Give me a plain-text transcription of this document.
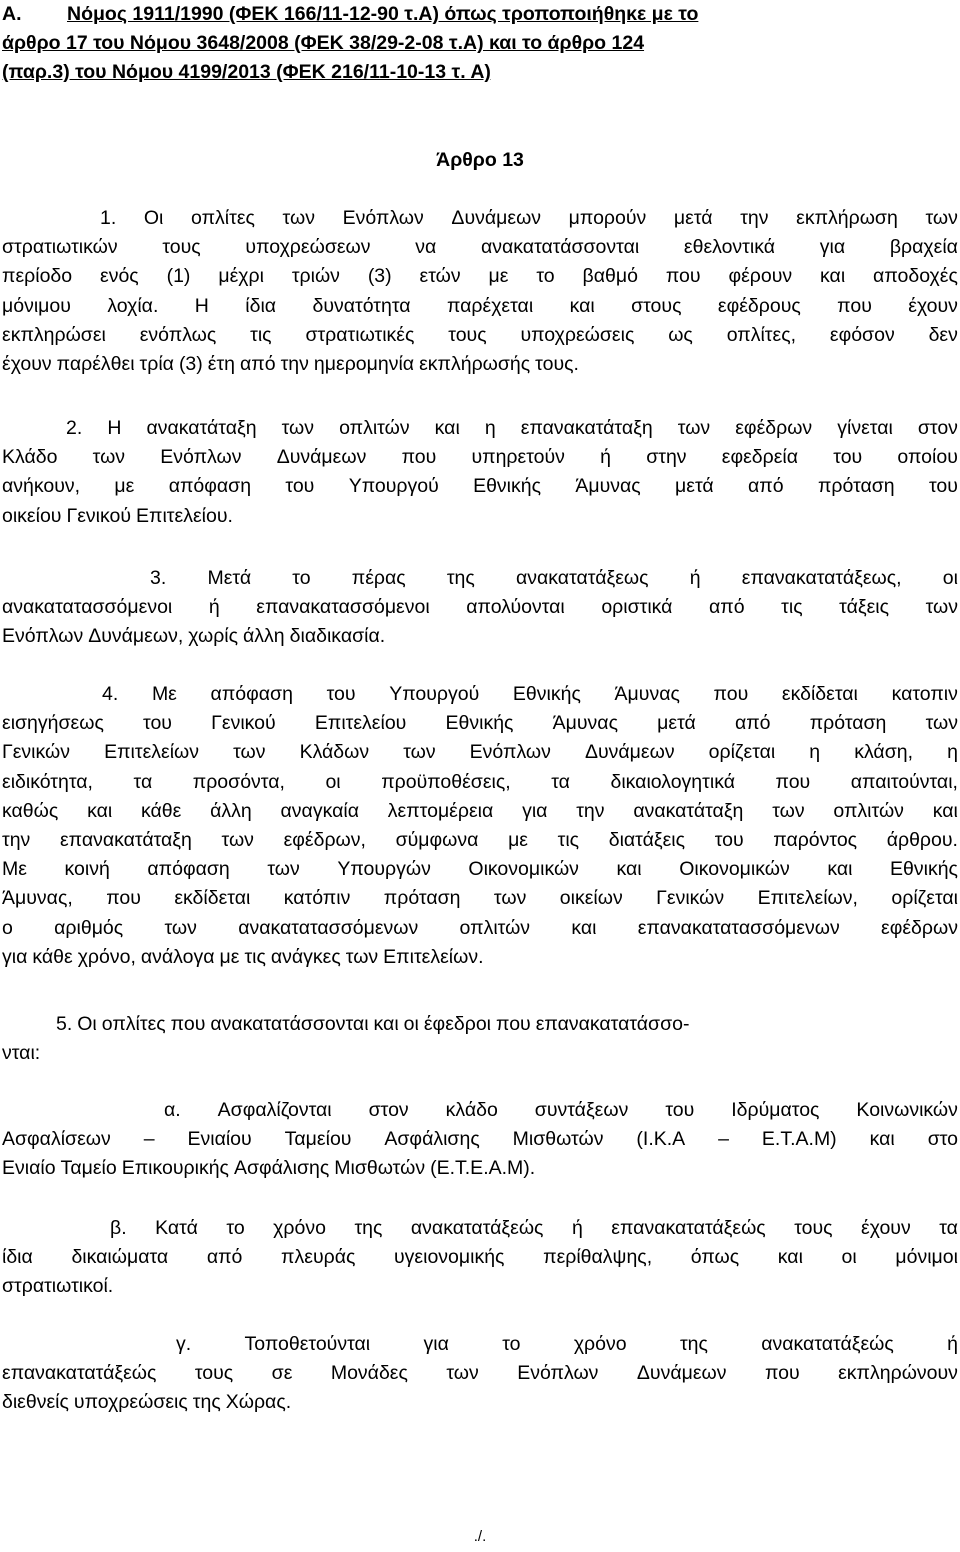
Α. Νόμος 1911/1990 (ΦΕΚ 166/11-12-90 τ.Α) όπως τροποποιήθηκε με το
άρθρο 17 του Νόμου 3648/2008 (ΦΕΚ 38/29-2-08 τ.Α) και το άρθρο 124
(παρ.3) του Νόμου 4199/2013 (ΦΕΚ 216/11-10-13 τ. Α)
Άρθρο 13
1. Οι οπλίτες των Ενόπλων Δυνάμεων μπορούν μετά την εκπλήρωση των
στρατιωτικών τους υποχρεώσεων να ανακατατάσσονται εθελοντικά για βραχεία
περίοδο ενός (1) μέχρι τριών (3) ετών με το βαθμό που φέρουν και αποδοχές
μόνιμου λοχία. Η ίδια δυνατότητα παρέχεται και στους εφέδρους που έχουν
εκπληρώσει ενόπλως τις στρατιωτικές τους υποχρεώσεις ως οπλίτες, εφόσον δεν
έχουν παρέλθει τρία (3) έτη από την ημερομηνία εκπλήρωσής τους.
2. Η ανακατάταξη των οπλιτών και η επανακατάταξη των εφέδρων γίνεται στον
Κλάδο των Ενόπλων Δυνάμεων που υπηρετούν ή στην εφεδρεία του οποίου
ανήκουν, με απόφαση του Υπουργού Εθνικής Άμυνας μετά από πρόταση του
οικείου Γενικού Επιτελείου.
3. Μετά το πέρας της ανακατατάξεως ή επανακατατάξεως, οι
ανακατατασσόμενοι ή επανακατασσόμενοι απολύονται οριστικά από τις τάξεις των
Ενόπλων Δυνάμεων, χωρίς άλλη διαδικασία.
4. Με απόφαση του Υπουργού Εθνικής Άμυνας που εκδίδεται κατοπιν
εισηγήσεως του Γενικού Επιτελείου Εθνικής Άμυνας μετά από πρόταση των
Γενικών Επιτελείων των Κλάδων των Ενόπλων Δυνάμεων ορίζεται η κλάση, η
ειδικότητα, τα προσόντα, οι προϋποθέσεις, τα δικαιολογητικά που απαιτούνται,
καθώς και κάθε άλλη αναγκαία λεπτομέρεια για την ανακατάταξη των οπλιτών και
την επανακατάταξη των εφέδρων, σύμφωνα με τις διατάξεις του παρόντος άρθρου.
Με κοινή απόφαση των Υπουργών Οικονομικών και Οικονομικών και Εθνικής
Άμυνας, που εκδίδεται κατόπιν πρόταση των οικείων Γενικών Επιτελείων, ορίζεται
ο αριθμός των ανακατατασσόμενων οπλιτών και επανακατατασσόμενων εφέδρων
για κάθε χρόνο, ανάλογα με τις ανάγκες των Επιτελείων.
5. Οι οπλίτες που ανακατατάσσονται και οι έφεδροι που επανακατατάσσο-
νται:
α. Ασφαλίζονται στον κλάδο συντάξεων του Ιδρύματος Κοινωνικών
Ασφαλίσεων – Ενιαίου Ταμείου Ασφάλισης Μισθωτών (Ι.Κ.Α – Ε.Τ.Α.Μ) και στο
Ενιαίο Ταμείο Επικουρικής Ασφάλισης Μισθωτών (Ε.Τ.Ε.Α.Μ).
β. Κατά το χρόνο της ανακατατάξεώς ή επανακατατάξεώς τους έχουν τα
ίδια δικαιώματα από πλευράς υγειονομικής περίθαλψης, όπως και οι μόνιμοι
στρατιωτικοί.
γ.	Τοποθετούνται	για	το	χρόνο	της	ανακατατάξεώς	ή
επανακατατάξεώς τους σε Μονάδες των Ενόπλων Δυνάμεων που εκπληρώνουν
διεθνείς υποχρεώσεις της Χώρας.
./.
